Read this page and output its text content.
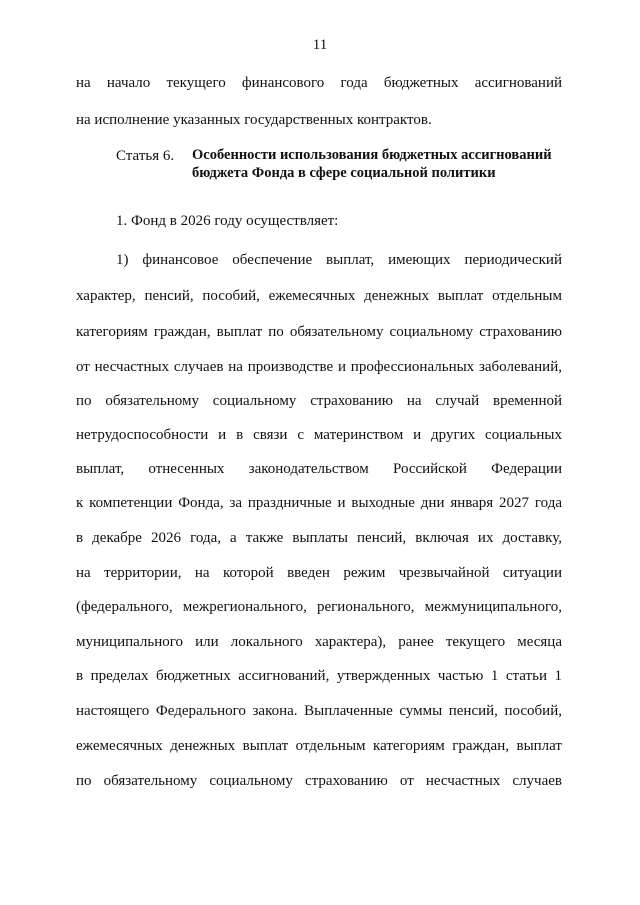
11
на начало текущего финансового года бюджетных ассигнований
на исполнение указанных государственных контрактов.
Статья 6. Особенности использования бюджетных ассигнований бюджета Фонда в сфере социальной политики
1. Фонд в 2026 году осуществляет:
1) финансовое обеспечение выплат, имеющих периодический
характер, пенсий, пособий, ежемесячных денежных выплат отдельным
категориям граждан, выплат по обязательному социальному страхованию
от несчастных случаев на производстве и профессиональных заболеваний,
по обязательному социальному страхованию на случай временной
нетрудоспособности и в связи с материнством и других социальных
выплат, отнесенных законодательством Российской Федерации
к компетенции Фонда, за праздничные и выходные дни января 2027 года
в декабре 2026 года, а также выплаты пенсий, включая их доставку,
на территории, на которой введен режим чрезвычайной ситуации
(федерального, межрегионального, регионального, межмуниципального,
муниципального или локального характера), ранее текущего месяца
в пределах бюджетных ассигнований, утвержденных частью 1 статьи 1
настоящего Федерального закона. Выплаченные суммы пенсий, пособий,
ежемесячных денежных выплат отдельным категориям граждан, выплат
по обязательному социальному страхованию от несчастных случаев
